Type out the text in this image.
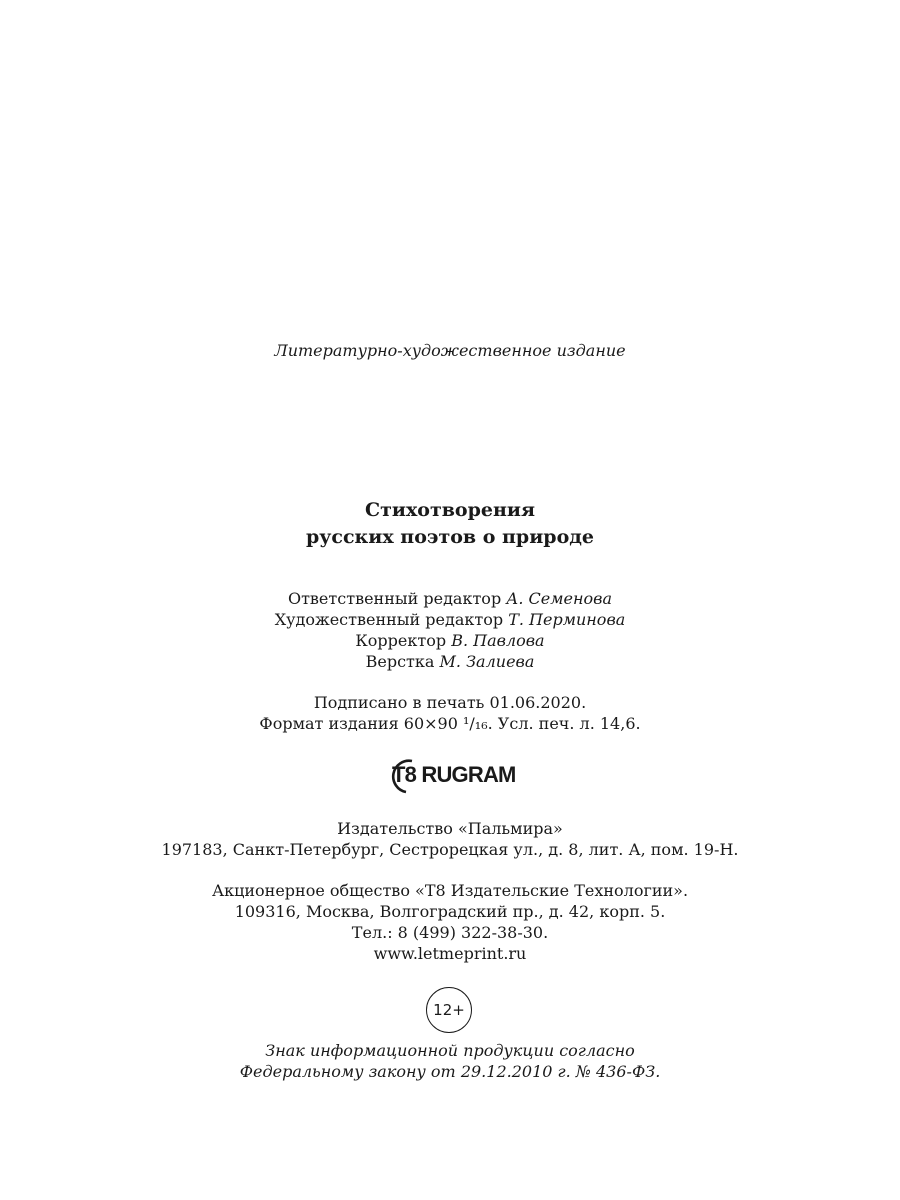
Литературно-художественное издание
Стихотворения
русских поэтов о природе
Ответственный редактор А. Семенова
Художественный редактор Т. Перминова
Корректор В. Павлова
Верстка М. Залиева
Подписано в печать 01.06.2020.
Формат издания 60×90 ¹/₁₆. Усл. печ. л. 14,6.
T8 RUGRAM
Издательство «Пальмира»
197183, Санкт-Петербург, Сестрорецкая ул., д. 8, лит. А, пом. 19-Н.
Акционерное общество «Т8 Издательские Технологии».
109316, Москва, Волгоградский пр., д. 42, корп. 5.
Тел.: 8 (499) 322-38-30.
www.letmeprint.ru
12+
Знак информационной продукции согласно
Федеральному закону от 29.12.2010 г. № 436-ФЗ.
